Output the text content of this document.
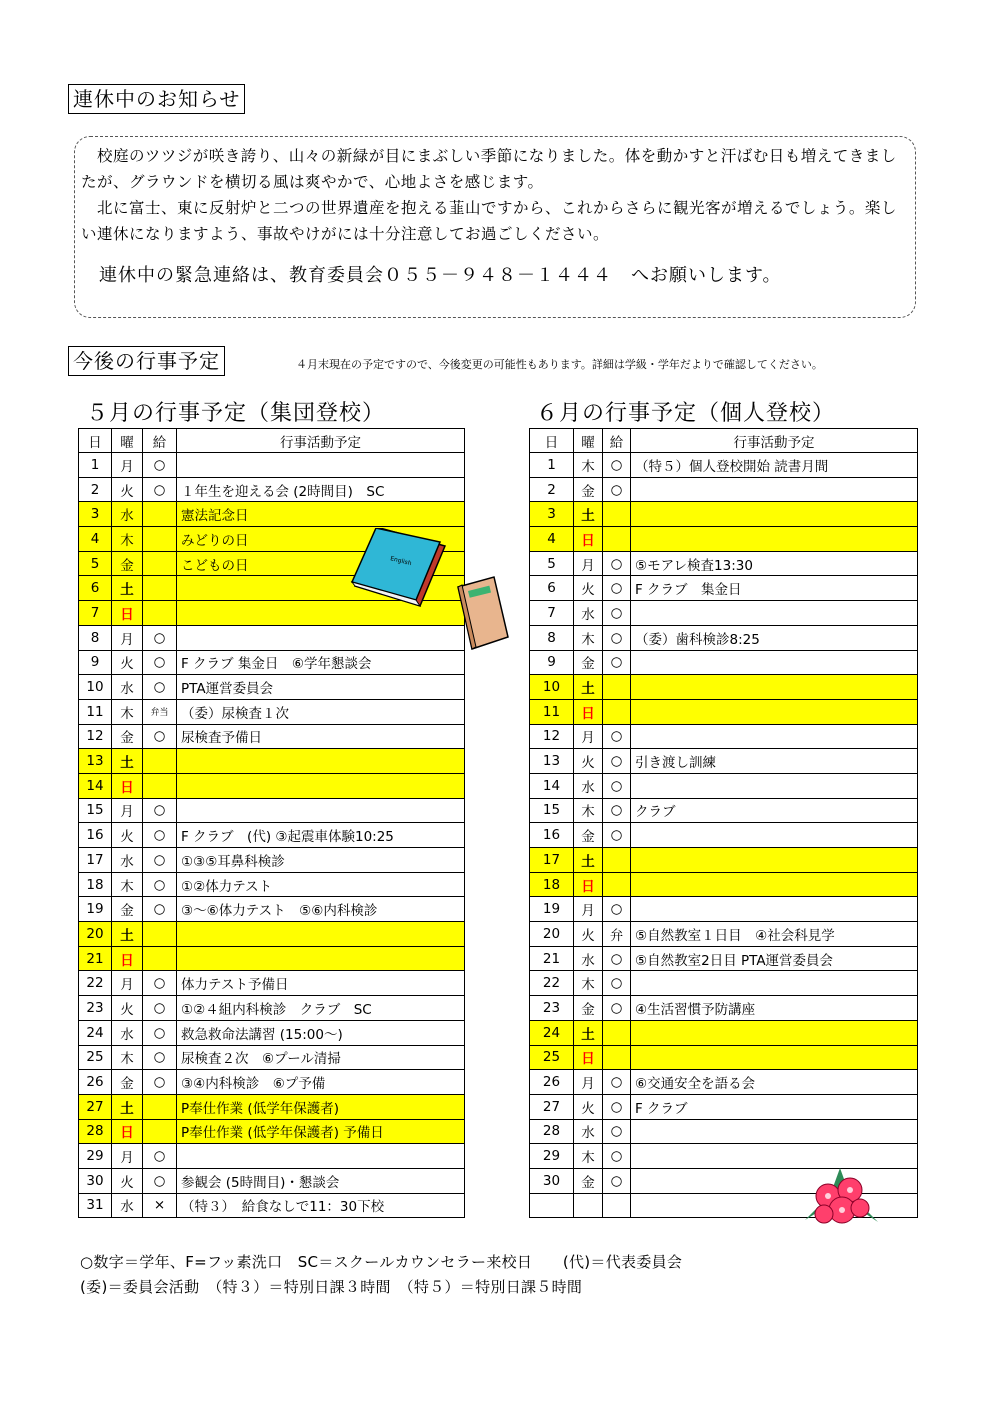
連休中のお知らせ

　校庭のツツジが咲き誇り、山々の新緑が目にまぶしい季節になりました。体を動かすと汗ばむ日も増えてきましたが、グラウンドを横切る風は爽やかで、心地よさを感じます。

　北に富士、東に反射炉と二つの世界遺産を抱える韮山ですから、これからさらに観光客が増えるでしょう。楽しい連休になりますよう、事故やけがには十分注意してお過ごしください。

連休中の緊急連絡は、教育委員会０５５－９４８－１４４４　へお願いします。

今後の行事予定	４月末現在の予定ですので、今後変更の可能性もあります。詳細は学級・学年だよりで確認してください。
５月の行事予定（集団登校）	６月の行事予定（個人登校）
日	曜	給	行事活動予定
1	月	○	
2	火	○	１年生を迎える会 (2時間目)　SC
3	水		憲法記念日
4	木		みどりの日
5	金		こどもの日
6	土		
7	日		
8	月	○	
9	火	○	F クラブ 集金日　⑥学年懇談会
10	水	○	PTA運営委員会
11	木	弁当	（委）尿検査１次
12	金	○	尿検査予備日
13	土		
14	日		
15	月	○	
16	火	○	F クラブ　(代) ③起震車体験10:25
17	水	○	①③⑤耳鼻科検診
18	木	○	①②体力テスト
19	金	○	③～⑥体力テスト　⑤⑥内科検診
20	土		
21	日		
22	月	○	体力テスト予備日
23	火	○	①②４組内科検診　クラブ　SC
24	水	○	救急救命法講習 (15:00～)
25	木	○	尿検査２次　⑥プール清掃
26	金	○	③④内科検診　⑥プ予備
27	土		P奉仕作業 (低学年保護者)
28	日		P奉仕作業 (低学年保護者) 予備日
29	月	○	
30	火	○	参観会 (5時間目)・懇談会
31	水	×	（特３）　給食なしで11：30下校
日	曜	給	行事活動予定
1	木	○	（特５）個人登校開始 読書月間
2	金	○	
3	土		
4	日		
5	月	○	⑤モアレ検査13:30
6	火	○	F クラブ　集金日
7	水	○	
8	木	○	（委）歯科検診8:25
9	金	○	
10	土		
11	日		
12	月	○	
13	火	○	引き渡し訓練
14	水	○	
15	木	○	クラブ
16	金	○	
17	土		
18	日		
19	月	○	
20	火	弁	⑤自然教室１日目　④社会科見学
21	水	○	⑤自然教室2日目 PTA運営委員会
22	木	○	
23	金	○	④生活習慣予防講座
24	土		
25	日		
26	月	○	⑥交通安全を語る会
27	火	○	F クラブ
28	水	○	
29	木	○	
30	金	○	

English
○数字＝学年、F=フッ素洗口　SC＝スクールカウンセラー来校日　　(代)＝代表委員会
(委)＝委員会活動　（特３）＝特別日課３時間　（特５）＝特別日課５時間
